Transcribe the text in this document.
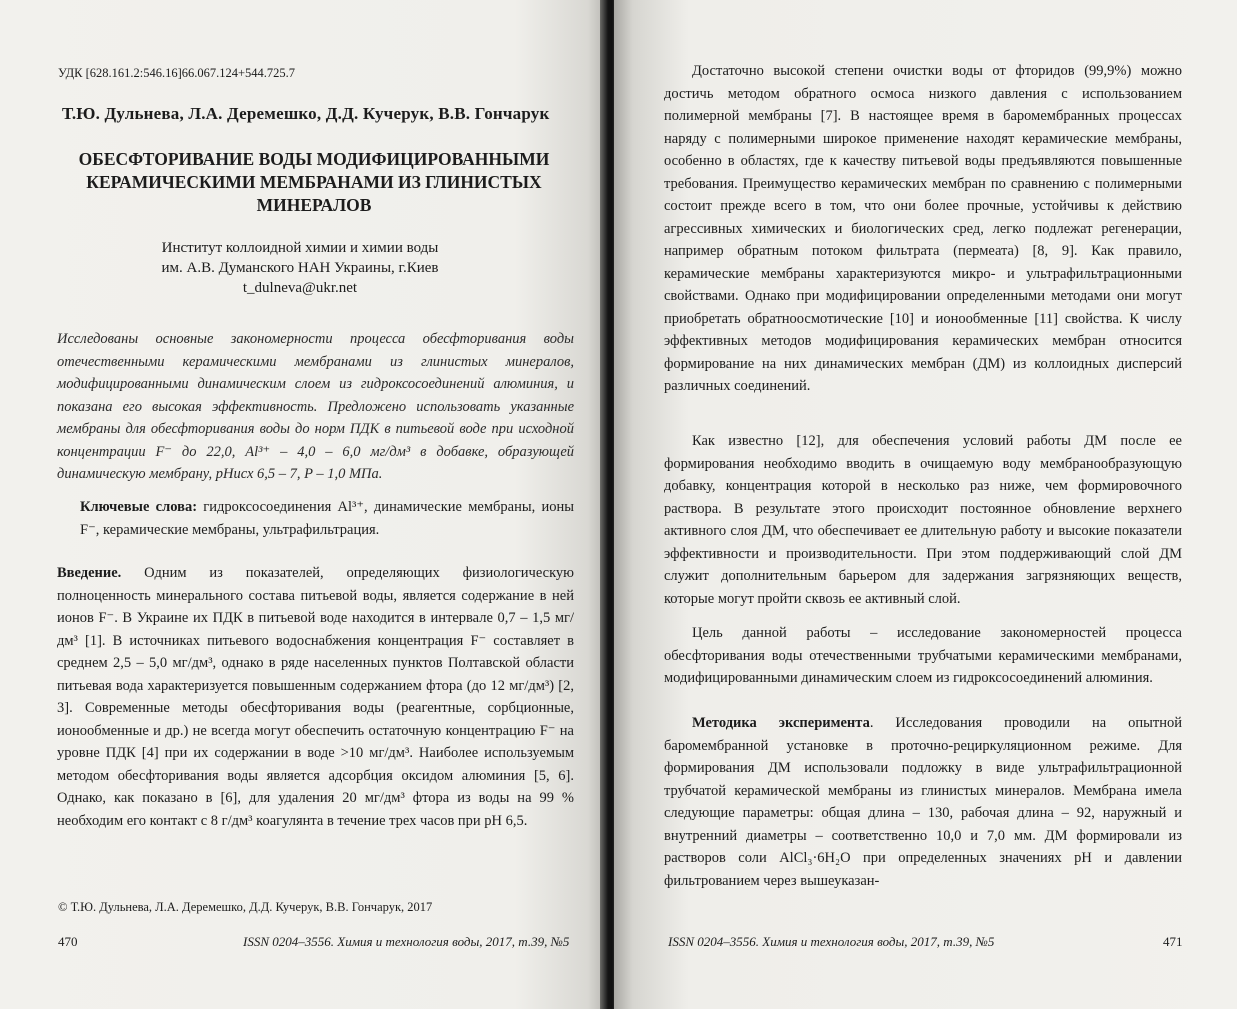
УДК [628.161.2:546.16]66.067.124+544.725.7

Т.Ю. Дульнева, Л.А. Деремешко, Д.Д. Кучерук, В.В. Гончарук

ОБЕСФТОРИВАНИЕ ВОДЫ МОДИФИЦИРОВАННЫМИ КЕРАМИЧЕСКИМИ МЕМБРАНАМИ ИЗ ГЛИНИСТЫХ МИНЕРАЛОВ

Институт коллоидной химии и химии воды
им. А.В. Думанского НАН Украины, г.Киев
t_dulneva@ukr.net

Исследованы основные закономерности процесса обесфторивания воды отечественными керамическими мембранами из глинистых минералов, модифицированными динамическим слоем из гидроксосоединений алюминия, и показана его высокая эффективность. Предложено использовать указанные мембраны для обесфторивания воды до норм ПДК в питьевой воде при исходной концентрации F⁻ до 22,0, Al³⁺ – 4,0 – 6,0 мг/дм³ в добавке, образующей динамическую мембрану, pHисх 6,5 – 7, P – 1,0 МПа.

Ключевые слова: гидроксосоединения Al³⁺, динамические мембраны, ионы F⁻, керамические мембраны, ультрафильтрация.

Введение. Одним из показателей, определяющих физиологическую полноценность минерального состава питьевой воды, является содержание в ней ионов F⁻. В Украине их ПДК в питьевой воде находится в интервале 0,7 – 1,5 мг/дм³ [1]. В источниках питьевого водоснабжения концентрация F⁻ составляет в среднем 2,5 – 5,0 мг/дм³, однако в ряде населенных пунктов Полтавской области питьевая вода характеризуется повышенным содержанием фтора (до 12 мг/дм³) [2, 3]. Современные методы обесфторивания воды (реагентные, сорбционные, ионообменные и др.) не всегда могут обеспечить остаточную концентрацию F⁻ на уровне ПДК [4] при их содержании в воде >10 мг/дм³. Наиболее используемым методом обесфторивания воды является адсорбция оксидом алюминия [5, 6]. Однако, как показано в [6], для удаления 20 мг/дм³ фтора из воды на 99 % необходим его контакт с 8 г/дм³ коагулянта в течение трех часов при pH 6,5.

© Т.Ю. Дульнева, Л.А. Деремешко, Д.Д. Кучерук, В.В. Гончарук, 2017

470	ISSN 0204–3556. Химия и технология воды, 2017, т.39, №5

Достаточно высокой степени очистки воды от фторидов (99,9%) можно достичь методом обратного осмоса низкого давления с использованием полимерной мембраны [7]. В настоящее время в баромембранных процессах наряду с полимерными широкое применение находят керамические мембраны, особенно в областях, где к качеству питьевой воды предъявляются повышенные требования. Преимущество керамических мембран по сравнению с полимерными состоит прежде всего в том, что они более прочные, устойчивы к действию агрессивных химических и биологических сред, легко подлежат регенерации, например обратным потоком фильтрата (пермеата) [8, 9]. Как правило, керамические мембраны характеризуются микро- и ультрафильтрационными свойствами. Однако при модифицировании определенными методами они могут приобретать обратноосмотические [10] и ионообменные [11] свойства. К числу эффективных методов модифицирования керамических мембран относится формирование на них динамических мембран (ДМ) из коллоидных дисперсий различных соединений.

Как известно [12], для обеспечения условий работы ДМ после ее формирования необходимо вводить в очищаемую воду мембранообразующую добавку, концентрация которой в несколько раз ниже, чем формировочного раствора. В результате этого происходит постоянное обновление верхнего активного слоя ДМ, что обеспечивает ее длительную работу и высокие показатели эффективности и производительности. При этом поддерживающий слой ДМ служит дополнительным барьером для задержания загрязняющих веществ, которые могут пройти сквозь ее активный слой.

Цель данной работы – исследование закономерностей процесса обесфторивания воды отечественными трубчатыми керамическими мембранами, модифицированными динамическим слоем из гидроксосоединений алюминия.

Методика эксперимента. Исследования проводили на опытной баромембранной установке в проточно-рециркуляционном режиме. Для формирования ДМ использовали подложку в виде ультрафильтрационной трубчатой керамической мембраны из глинистых минералов. Мембрана имела следующие параметры: общая длина – 130, рабочая длина – 92, наружный и внутренний диаметры – соответственно 10,0 и 7,0 мм. ДМ формировали из растворов соли AlCl₃·6H₂O при определенных значениях pH и давлении фильтрованием через вышеуказан-

ISSN 0204–3556. Химия и технология воды, 2017, т.39, №5	471
